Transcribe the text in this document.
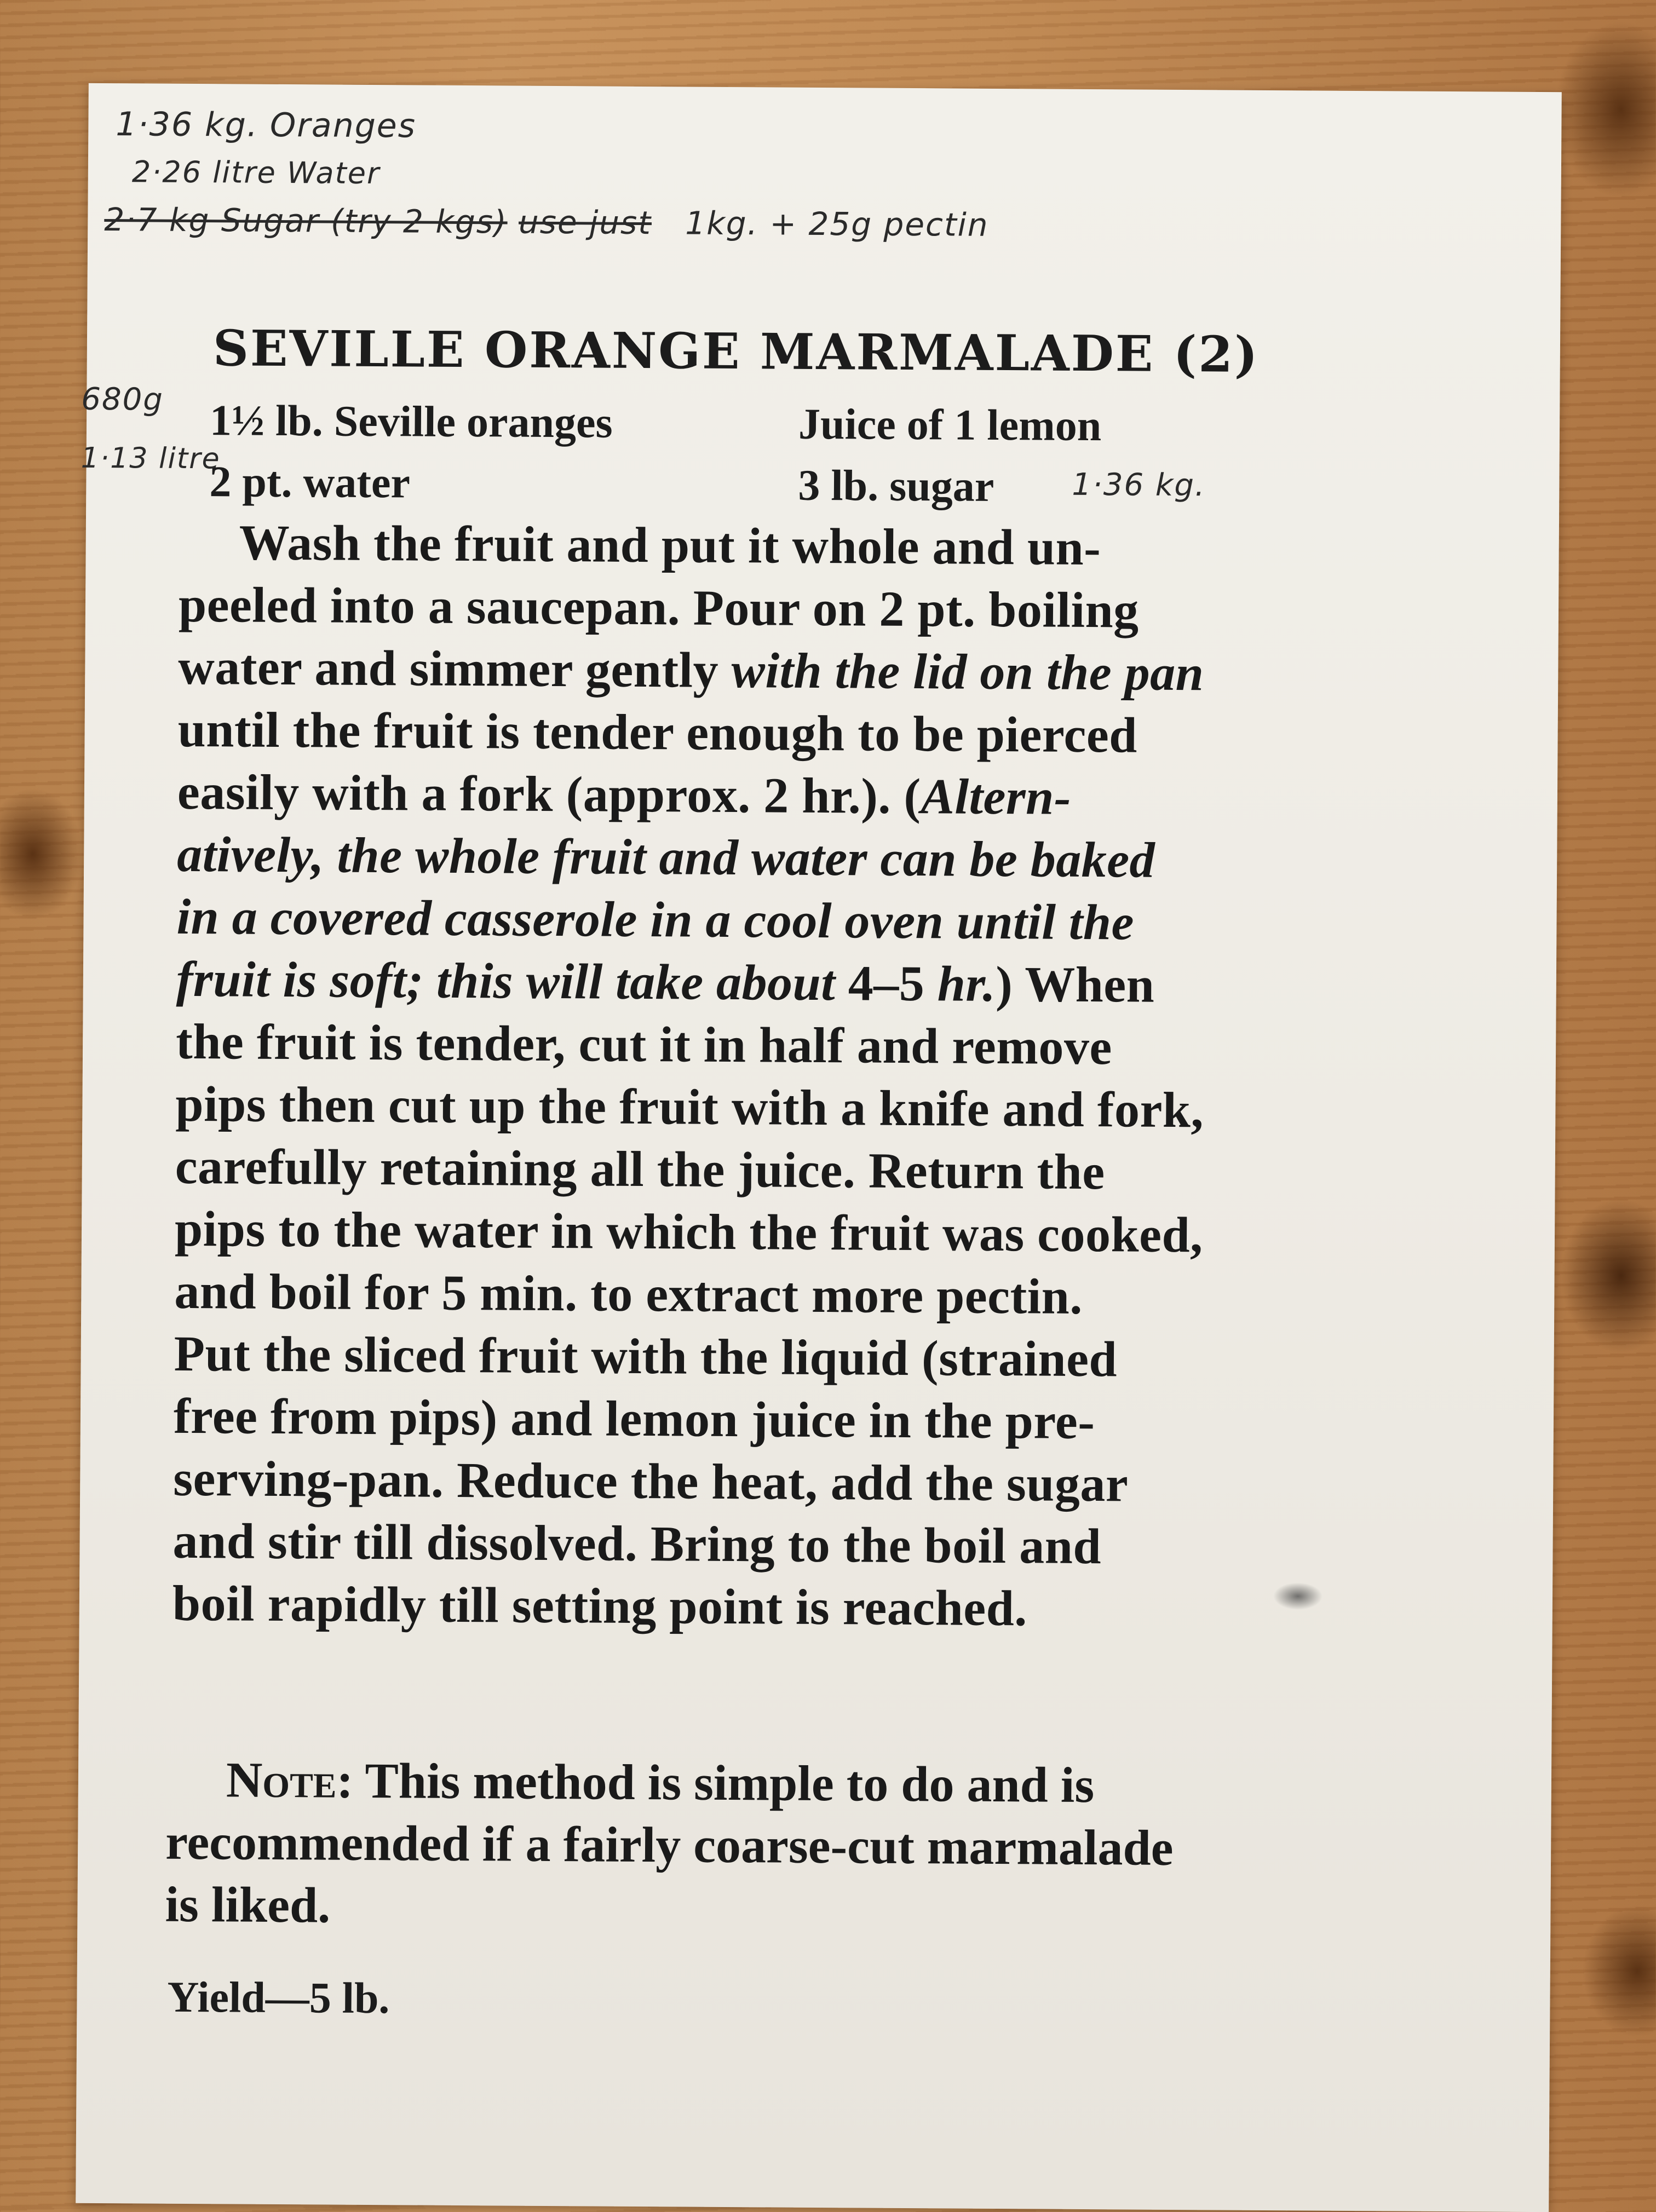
1·36 kg. Oranges
2·26 litre Water
2·7 kg Sugar (try 2 kgs) use just 1kg. + 25g pectin
SEVILLE ORANGE MARMALADE (2)
680g
1·13 litre
1½ lb. Seville oranges
2 pt. water
Juice of 1 lemon
3 lb. sugar	1·36 kg.
Wash the fruit and put it whole and un-
peeled into a saucepan. Pour on 2 pt. boiling
water and simmer gently with the lid on the pan
until the fruit is tender enough to be pierced
easily with a fork (approx. 2 hr.). (Altern-
atively, the whole fruit and water can be baked
in a covered casserole in a cool oven until the
fruit is soft; this will take about 4–5 hr.) When
the fruit is tender, cut it in half and remove
pips then cut up the fruit with a knife and fork,
carefully retaining all the juice. Return the
pips to the water in which the fruit was cooked,
and boil for 5 min. to extract more pectin.
Put the sliced fruit with the liquid (strained
free from pips) and lemon juice in the pre-
serving-pan. Reduce the heat, add the sugar
and stir till dissolved. Bring to the boil and
boil rapidly till setting point is reached.
Note: This method is simple to do and is
recommended if a fairly coarse-cut marmalade
is liked.
Yield—5 lb.
